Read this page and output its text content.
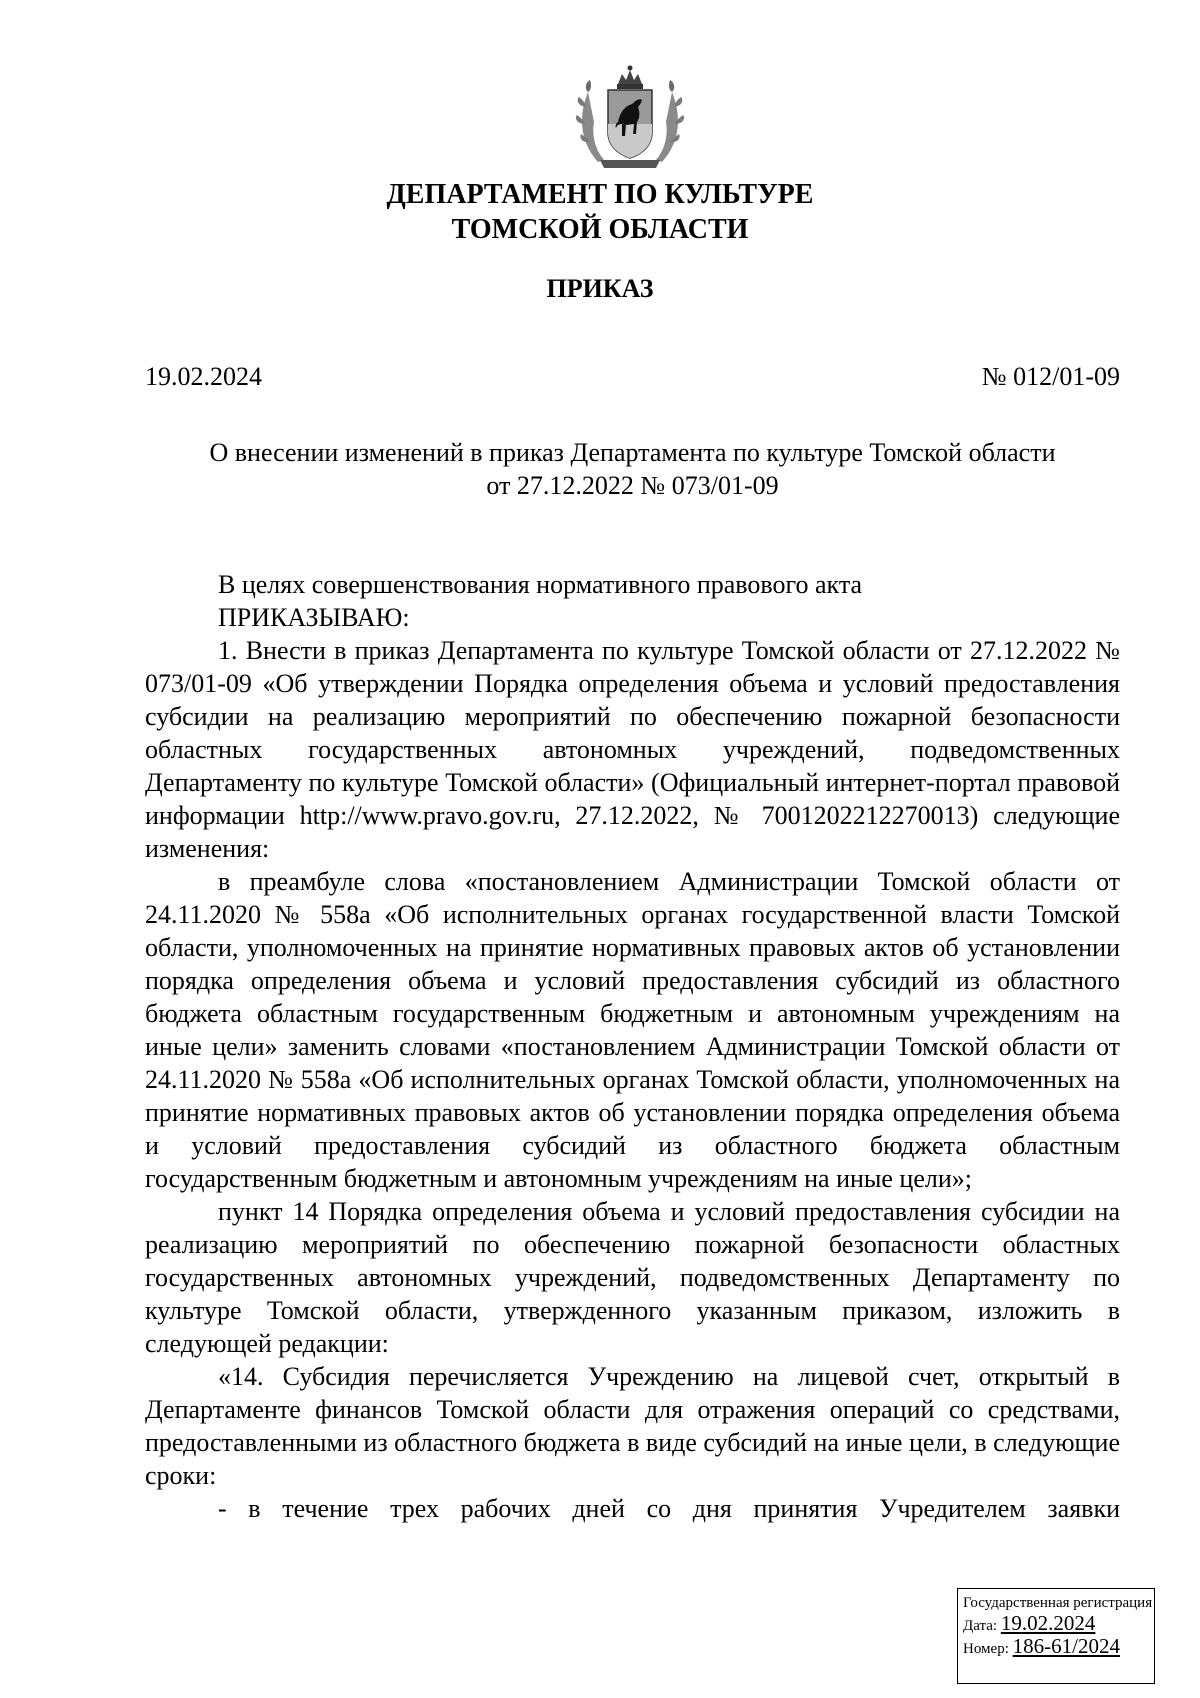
ДЕПАРТАМЕНТ ПО КУЛЬТУРЕ
ТОМСКОЙ ОБЛАСТИ
ПРИКАЗ
19.02.2024	№ 012/01-09
О внесении изменений в приказ Департамента по культуре Томской области
от 27.12.2022 № 073/01-09

В целях совершенствования нормативного правового акта

ПРИКАЗЫВАЮ:

1. Внести в приказ Департамента по культуре Томской области от 27.12.2022 № 073/01-09 «Об утверждении Порядка определения объема и условий предоставления субсидии на реализацию мероприятий по обеспечению пожарной безопасности областных государственных автономных учреждений, подведомственных Департаменту по культуре Томской области» (Официальный интернет-портал правовой информации http://www.pravo.gov.ru, 27.12.2022, № 7001202212270013) следующие изменения:

в преамбуле слова «постановлением Администрации Томской области от 24.11.2020 № 558а «Об исполнительных органах государственной власти Томской области, уполномоченных на принятие нормативных правовых актов об установлении порядка определения объема и условий предоставления субсидий из областного бюджета областным государственным бюджетным и автономным учреждениям на иные цели» заменить словами «постановлением Администрации Томской области от 24.11.2020 № 558а «Об исполнительных органах Томской области, уполномоченных на принятие нормативных правовых актов об установлении порядка определения объема и условий предоставления субсидий из областного бюджета областным государственным бюджетным и автономным учреждениям на иные цели»;

пункт 14 Порядка определения объема и условий предоставления субсидии на реализацию мероприятий по обеспечению пожарной безопасности областных государственных автономных учреждений, подведомственных Департаменту по культуре Томской области, утвержденного указанным приказом, изложить в следующей редакции:

«14. Субсидия перечисляется Учреждению на лицевой счет, открытый в Департаменте финансов Томской области для отражения операций со средствами, предоставленными из областного бюджета в виде субсидий на иные цели, в следующие сроки:

- в течение трех рабочих дней со дня принятия Учредителем заявки

Государственная регистрация
Дата: 19.02.2024
Номер: 186-61/2024
